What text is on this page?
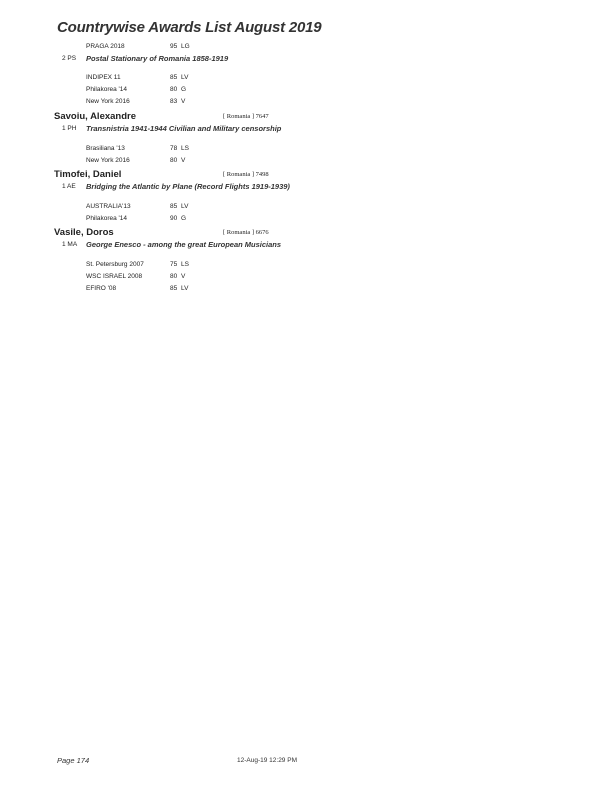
Countrywise Awards List August 2019
PRAGA 2018	95 LG
2 PS Postal Stationary of Romania 1858-1919
INDIPEX 11	85 LV
Philakorea '14	80 G
New York 2016	83 V
Savoiu, Alexandre	[ Romania ] 7647
1 PH Transnistria 1941-1944 Civilian and Military censorship
Brasiliana '13	78 LS
New York 2016	80 V
Timofei, Daniel	[ Romania ] 7498
1 AE Bridging the Atlantic by Plane (Record Flights 1919-1939)
AUSTRALIA'13	85 LV
Philakorea '14	90 G
Vasile, Doros	[ Romania ] 6676
1 MA George Enesco - among the great European Musicians
St. Petersburg 2007	75 LS
WSC ISRAEL 2008	80 V
EFIRO '08	85 LV
Page 174	12-Aug-19 12:29 PM
